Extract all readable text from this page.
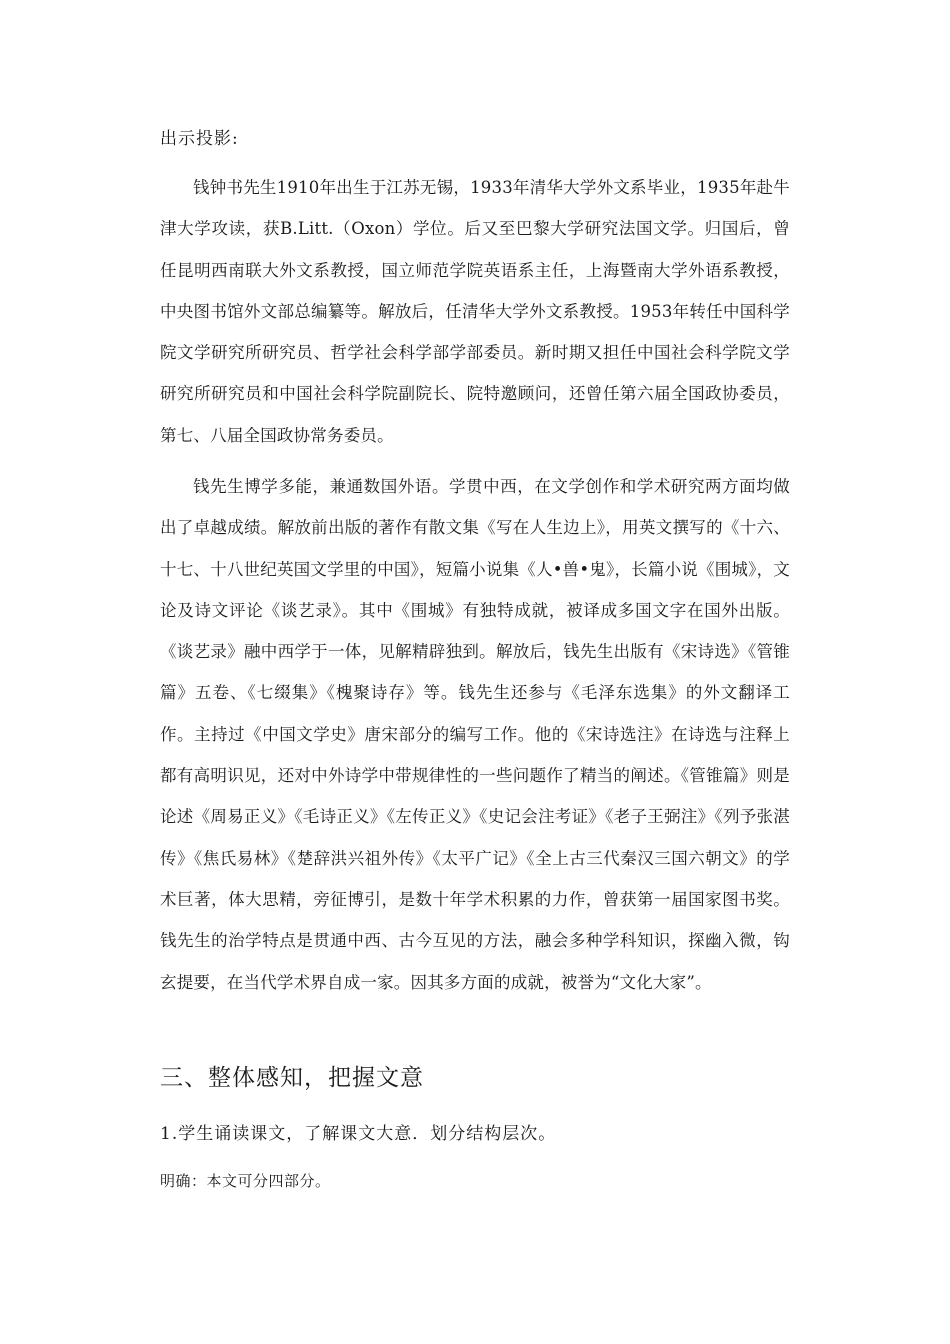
出示投影:
钱钟书先生1910年出生于江苏无锡，1933年清华大学外文系毕业，1935年赴牛津大学攻读，获B.Litt.（Oxon）学位。后又至巴黎大学研究法国文学。归国后，曾任昆明西南联大外文系教授，国立师范学院英语系主任，上海暨南大学外语系教授，中央图书馆外文部总编纂等。解放后，任清华大学外文系教授。1953年转任中国科学院文学研究所研究员、哲学社会科学部学部委员。新时期又担任中国社会科学院文学研究所研究员和中国社会科学院副院长、院特邀顾问，还曾任第六届全国政协委员，第七、八届全国政协常务委员。
钱先生博学多能，兼通数国外语。学贯中西，在文学创作和学术研究两方面均做出了卓越成绩。解放前出版的著作有散文集《写在人生边上》，用英文撰写的《十六、十七、十八世纪英国文学里的中国》，短篇小说集《人•兽•鬼》，长篇小说《围城》，文论及诗文评论《谈艺录》。其中《围城》有独特成就，被译成多国文字在国外出版。《谈艺录》融中西学于一体，见解精辟独到。解放后，钱先生出版有《宋诗选》《管锥篇》五卷、《七缀集》《槐聚诗存》等。钱先生还参与《毛泽东选集》的外文翻译工作。主持过《中国文学史》唐宋部分的编写工作。他的《宋诗选注》在诗选与注释上都有高明识见，还对中外诗学中带规律性的一些问题作了精当的阐述。《管锥篇》则是论述《周易正义》《毛诗正义》《左传正义》《史记会注考证》《老子王弼注》《列予张湛传》《焦氏易林》《楚辞洪兴祖外传》《太平广记》《全上古三代秦汉三国六朝文》的学术巨著，体大思精，旁征博引，是数十年学术积累的力作，曾获第一届国家图书奖。钱先生的治学特点是贯通中西、古今互见的方法，融会多种学科知识，探幽入微，钩玄提要，在当代学术界自成一家。因其多方面的成就，被誉为“文化大家”。
三、整体感知，把握文意
1.学生诵读课文，了解课文大意．划分结构层次。
明确：本文可分四部分。
